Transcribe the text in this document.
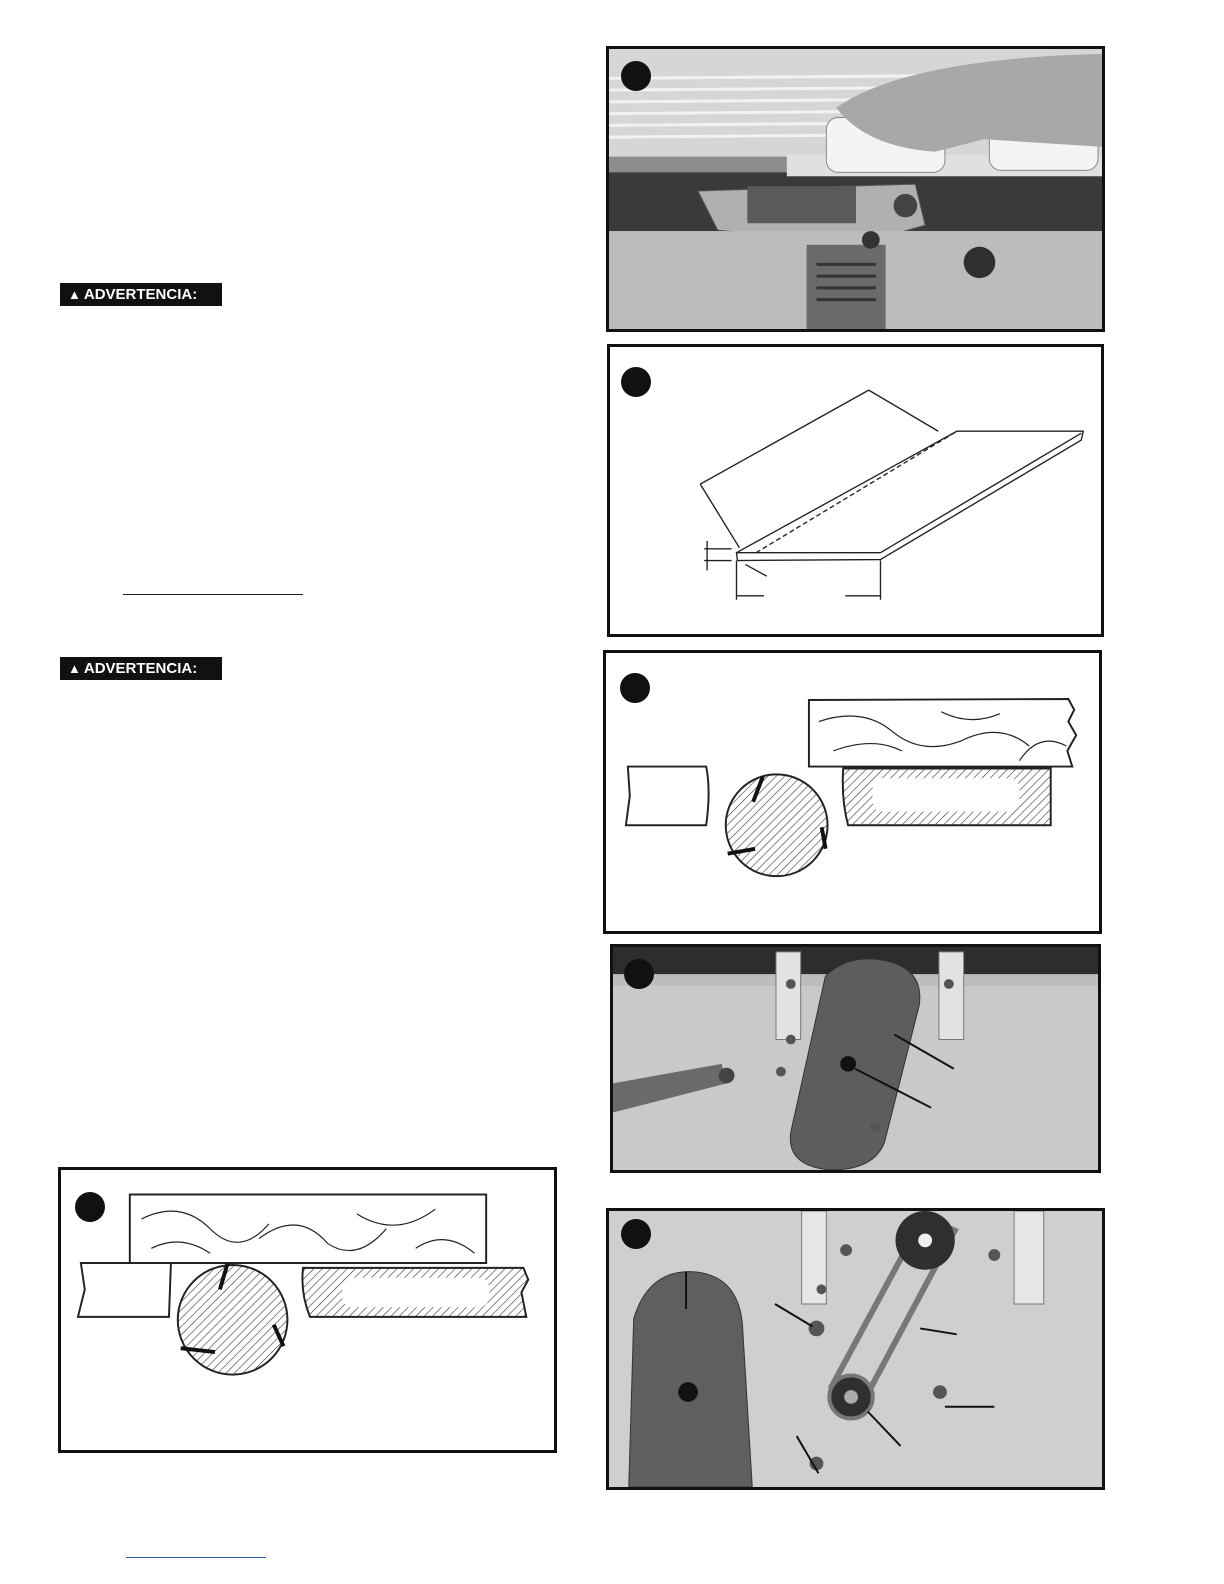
▲ ADVERTENCIA:
▲ ADVERTENCIA:
